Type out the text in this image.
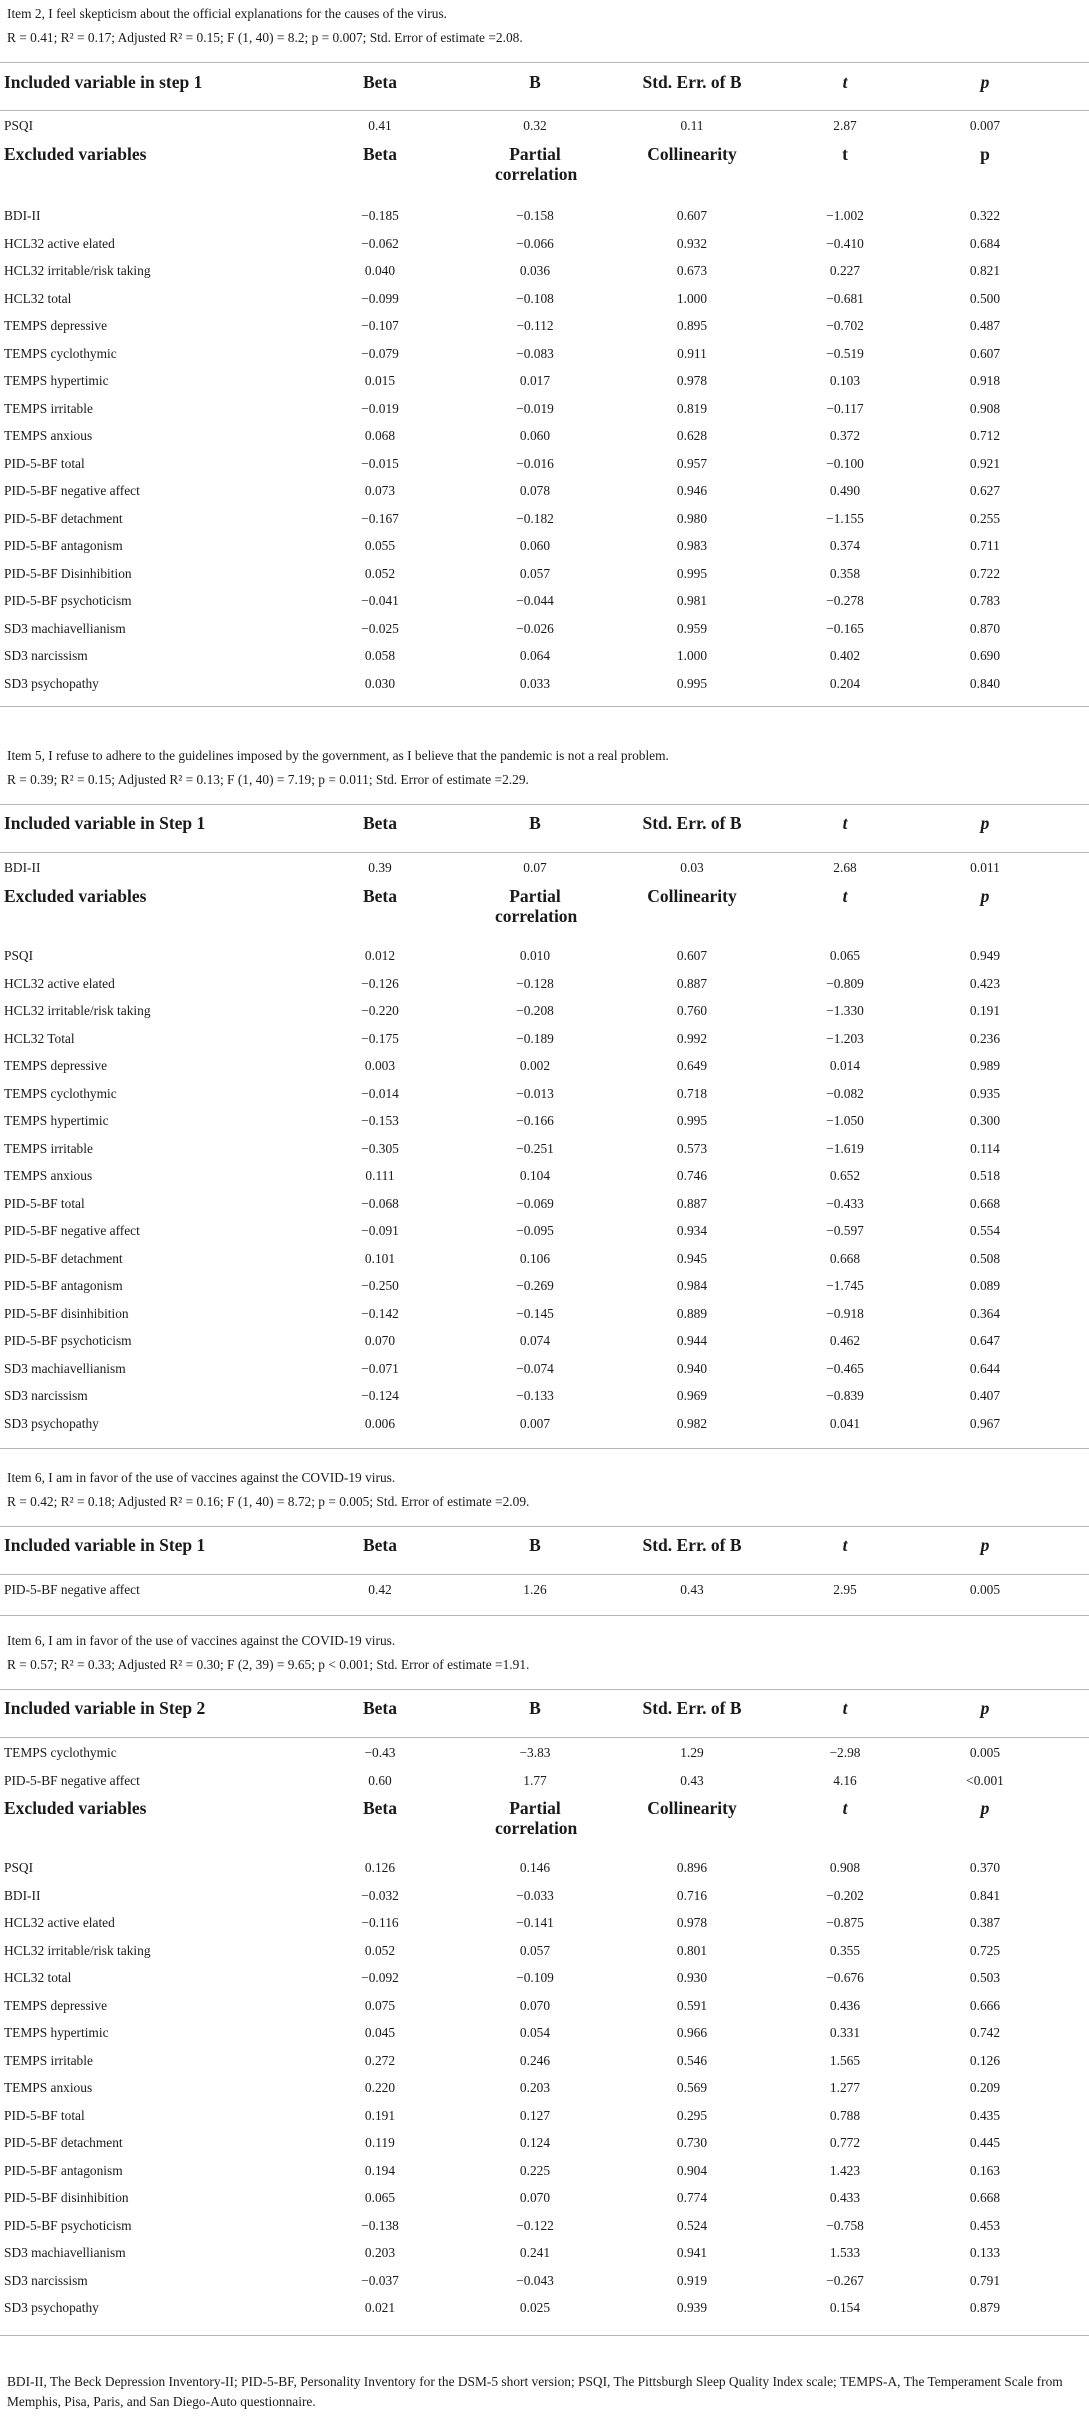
Item 2, I feel skepticism about the official explanations for the causes of the virus.
R = 0.41; R² = 0.17; Adjusted R² = 0.15; F (1, 40) = 8.2; p = 0.007; Std. Error of estimate =2.08.
Included variable in step 1	Beta	B	Std. Err. of B	t	p
PSQI	0.41	0.32	0.11	2.87	0.007
Excluded variables	Beta	Partial
correlation
Collinearity	t	p
BDI-II	−0.185	−0.158	0.607	−1.002	0.322
HCL32 active elated	−0.062	−0.066	0.932	−0.410	0.684
HCL32 irritable/risk taking	0.040	0.036	0.673	0.227	0.821
HCL32 total	−0.099	−0.108	1.000	−0.681	0.500
TEMPS depressive	−0.107	−0.112	0.895	−0.702	0.487
TEMPS cyclothymic	−0.079	−0.083	0.911	−0.519	0.607
TEMPS hypertimic	0.015	0.017	0.978	0.103	0.918
TEMPS irritable	−0.019	−0.019	0.819	−0.117	0.908
TEMPS anxious	0.068	0.060	0.628	0.372	0.712
PID-5-BF total	−0.015	−0.016	0.957	−0.100	0.921
PID-5-BF negative affect	0.073	0.078	0.946	0.490	0.627
PID-5-BF detachment	−0.167	−0.182	0.980	−1.155	0.255
PID-5-BF antagonism	0.055	0.060	0.983	0.374	0.711
PID-5-BF Disinhibition	0.052	0.057	0.995	0.358	0.722
PID-5-BF psychoticism	−0.041	−0.044	0.981	−0.278	0.783
SD3 machiavellianism	−0.025	−0.026	0.959	−0.165	0.870
SD3 narcissism	0.058	0.064	1.000	0.402	0.690
SD3 psychopathy	0.030	0.033	0.995	0.204	0.840
Item 5, I refuse to adhere to the guidelines imposed by the government, as I believe that the pandemic is not a real problem.
R = 0.39; R² = 0.15; Adjusted R² = 0.13; F (1, 40) = 7.19; p = 0.011; Std. Error of estimate =2.29.
Included variable in Step 1	Beta	B	Std. Err. of B	t	p
BDI-II	0.39	0.07	0.03	2.68	0.011
Excluded variables	Beta	Partial
correlation
Collinearity	t	p
PSQI	0.012	0.010	0.607	0.065	0.949
HCL32 active elated	−0.126	−0.128	0.887	−0.809	0.423
HCL32 irritable/risk taking	−0.220	−0.208	0.760	−1.330	0.191
HCL32 Total	−0.175	−0.189	0.992	−1.203	0.236
TEMPS depressive	0.003	0.002	0.649	0.014	0.989
TEMPS cyclothymic	−0.014	−0.013	0.718	−0.082	0.935
TEMPS hypertimic	−0.153	−0.166	0.995	−1.050	0.300
TEMPS irritable	−0.305	−0.251	0.573	−1.619	0.114
TEMPS anxious	0.111	0.104	0.746	0.652	0.518
PID-5-BF total	−0.068	−0.069	0.887	−0.433	0.668
PID-5-BF negative affect	−0.091	−0.095	0.934	−0.597	0.554
PID-5-BF detachment	0.101	0.106	0.945	0.668	0.508
PID-5-BF antagonism	−0.250	−0.269	0.984	−1.745	0.089
PID-5-BF disinhibition	−0.142	−0.145	0.889	−0.918	0.364
PID-5-BF psychoticism	0.070	0.074	0.944	0.462	0.647
SD3 machiavellianism	−0.071	−0.074	0.940	−0.465	0.644
SD3 narcissism	−0.124	−0.133	0.969	−0.839	0.407
SD3 psychopathy	0.006	0.007	0.982	0.041	0.967
Item 6, I am in favor of the use of vaccines against the COVID-19 virus.
R = 0.42; R² = 0.18; Adjusted R² = 0.16; F (1, 40) = 8.72; p = 0.005; Std. Error of estimate =2.09.
Included variable in Step 1	Beta	B	Std. Err. of B	t	p
PID-5-BF negative affect	0.42	1.26	0.43	2.95	0.005
Item 6, I am in favor of the use of vaccines against the COVID-19 virus.
R = 0.57; R² = 0.33; Adjusted R² = 0.30; F (2, 39) = 9.65; p < 0.001; Std. Error of estimate =1.91.
Included variable in Step 2	Beta	B	Std. Err. of B	t	p
TEMPS cyclothymic	−0.43	−3.83	1.29	−2.98	0.005
PID-5-BF negative affect	0.60	1.77	0.43	4.16	<0.001
Excluded variables	Beta	Partial
correlation
Collinearity	t	p
PSQI	0.126	0.146	0.896	0.908	0.370
BDI-II	−0.032	−0.033	0.716	−0.202	0.841
HCL32 active elated	−0.116	−0.141	0.978	−0.875	0.387
HCL32 irritable/risk taking	0.052	0.057	0.801	0.355	0.725
HCL32 total	−0.092	−0.109	0.930	−0.676	0.503
TEMPS depressive	0.075	0.070	0.591	0.436	0.666
TEMPS hypertimic	0.045	0.054	0.966	0.331	0.742
TEMPS irritable	0.272	0.246	0.546	1.565	0.126
TEMPS anxious	0.220	0.203	0.569	1.277	0.209
PID-5-BF total	0.191	0.127	0.295	0.788	0.435
PID-5-BF detachment	0.119	0.124	0.730	0.772	0.445
PID-5-BF antagonism	0.194	0.225	0.904	1.423	0.163
PID-5-BF disinhibition	0.065	0.070	0.774	0.433	0.668
PID-5-BF psychoticism	−0.138	−0.122	0.524	−0.758	0.453
SD3 machiavellianism	0.203	0.241	0.941	1.533	0.133
SD3 narcissism	−0.037	−0.043	0.919	−0.267	0.791
SD3 psychopathy	0.021	0.025	0.939	0.154	0.879
BDI-II, The Beck Depression Inventory-II; PID-5-BF, Personality Inventory for the DSM-5 short version; PSQI, The Pittsburgh Sleep Quality Index scale; TEMPS-A, The Temperament Scale from Memphis, Pisa, Paris, and San Diego-Auto questionnaire.
